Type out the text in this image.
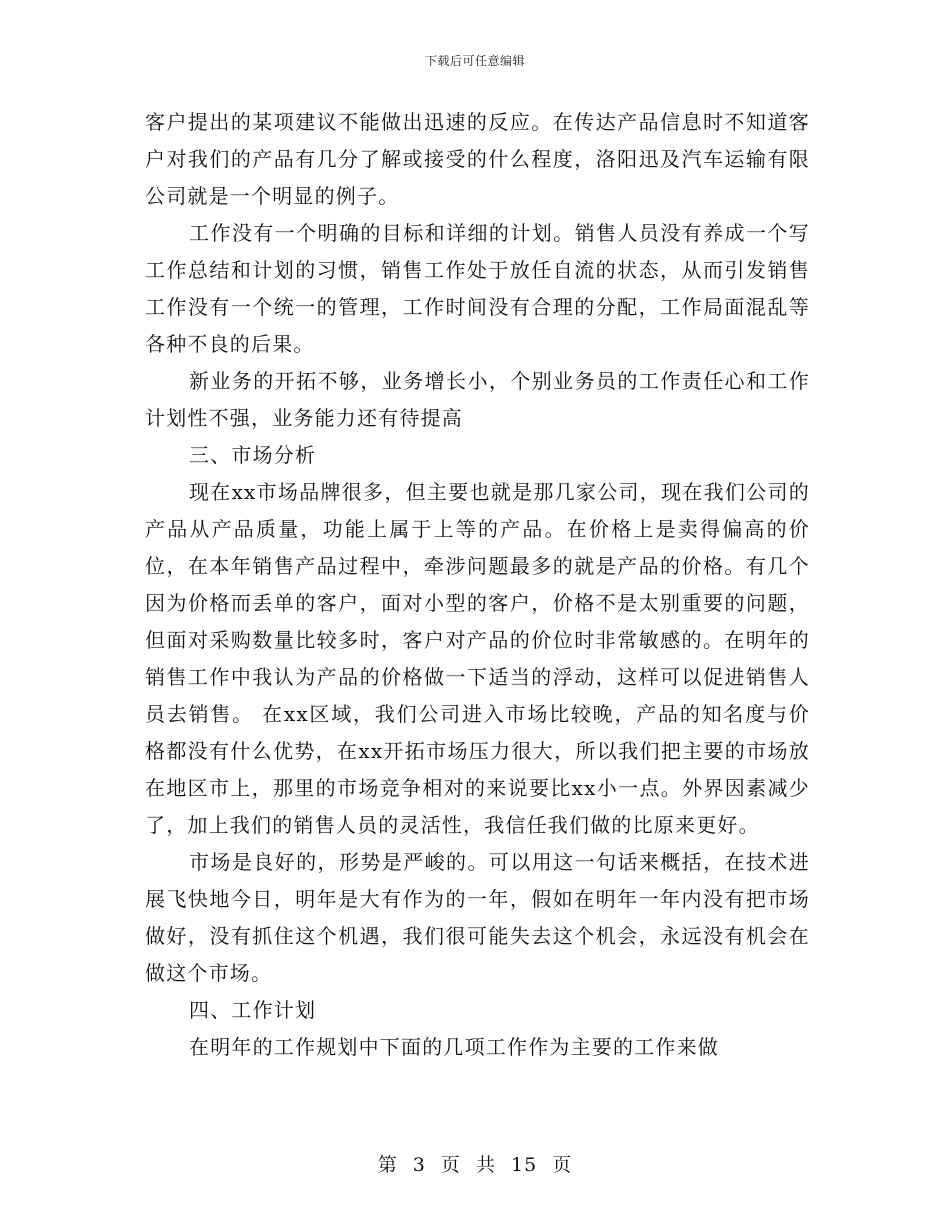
下载后可任意编辑

客户提出的某项建议不能做出迅速的反应。在传达产品信息时不知道客户对我们的产品有几分了解或接受的什么程度，洛阳迅及汽车运输有限公司就是一个明显的例子。

工作没有一个明确的目标和详细的计划。销售人员没有养成一个写工作总结和计划的习惯，销售工作处于放任自流的状态，从而引发销售工作没有一个统一的管理，工作时间没有合理的分配，工作局面混乱等各种不良的后果。

新业务的开拓不够，业务增长小，个别业务员的工作责任心和工作计划性不强，业务能力还有待提高

三、市场分析

现在xx市场品牌很多，但主要也就是那几家公司，现在我们公司的产品从产品质量，功能上属于上等的产品。在价格上是卖得偏高的价位，在本年销售产品过程中，牵涉问题最多的就是产品的价格。有几个因为价格而丢单的客户，面对小型的客户，价格不是太别重要的问题，但面对采购数量比较多时，客户对产品的价位时非常敏感的。在明年的销售工作中我认为产品的价格做一下适当的浮动，这样可以促进销售人员去销售。 在xx区域，我们公司进入市场比较晚，产品的知名度与价格都没有什么优势，在xx开拓市场压力很大，所以我们把主要的市场放在地区市上，那里的市场竞争相对的来说要比xx小一点。外界因素减少了，加上我们的销售人员的灵活性，我信任我们做的比原来更好。

市场是良好的，形势是严峻的。可以用这一句话来概括，在技术进展飞快地今日，明年是大有作为的一年，假如在明年一年内没有把市场做好，没有抓住这个机遇，我们很可能失去这个机会，永远没有机会在做这个市场。

四、工作计划

在明年的工作规划中下面的几项工作作为主要的工作来做

第 3 页 共 15 页
